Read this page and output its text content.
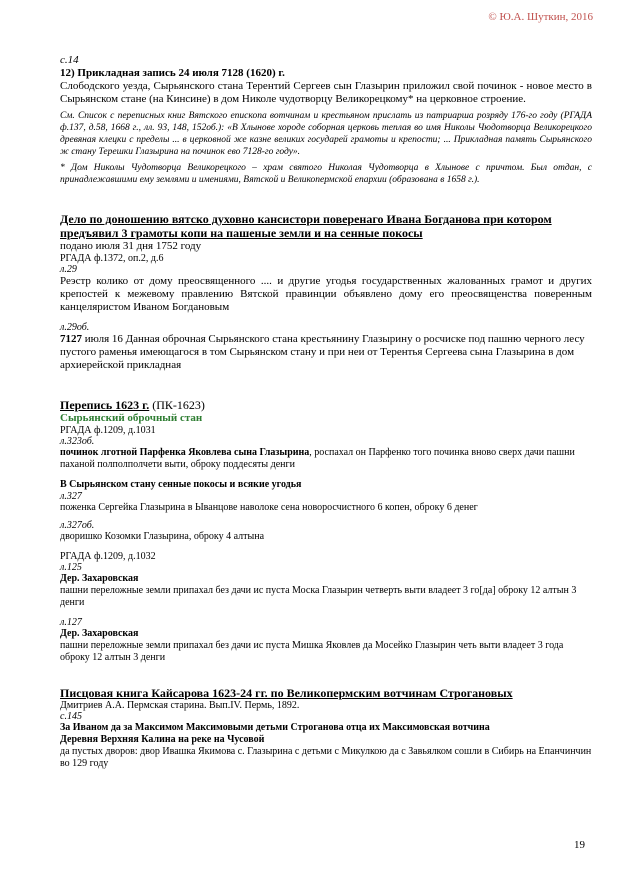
© Ю.А. Шуткин, 2016
с.14
12) Прикладная запись 24 июля 7128 (1620) г.
Слободского уезда, Сырьянского стана Терентий Сергеев сын Глазырин приложил свой починок - новое место в Сырьянском стане (на Кинсине) в дом Николе чудотворцу Великорецкому* на церковное строение.
См. Список с переписных книг Вятского епископа вотчинам и крестьяном прислать из патриарша розряду 176-го году (РГАДА ф.137, д.58, 1668 г., лл. 93, 148, 152об.): «В Хлынове хороде соборная церковь теплая во имя Николы Чюдотворца Великорецкого древяная клецки с пределы ... в церковной же казне великих государей грамоты и крепости; ... Прикладная память Сырьянского ж стану Терешки Глазырина на починок ево 7128-го году».
* Дом Николы Чудотворца Великорецкого – храм святого Николая Чудотворца в Хлынове с причтом. Был отдан, с принадлежавшими ему землями и имениями, Вятской и Великопермской епархии (образована в 1658 г.).
Дело по доношению вятско духовно кансистори поверенаго Ивана Богданова при котором предъявил 3 грамоты копи на пашеные земли и на сенные покосы
подано июля 31 дня 1752 году
РГАДА ф.1372, оп.2, д.6
л.29
Реэстр колико от дому преосвященного .... и другие угодья государственных жалованных грамот и других крепостей к межевому правлению Вятской правинции объявлено дому его преосвященства поверенным канцеляристом Иваном Богдановым
л.29об.
7127 июля 16 Данная оброчная Сырьянского стана крестьянину Глазырину о росчиске под пашню черного лесу пустого раменья имеющагося в том Сырьянском стану и при неи от Терентья Сергеева сына Глазырина в дом архиерейской прикладная
Перепись 1623 г. (ПК-1623)
Сырьянский оброчный стан
РГАДА ф.1209, д.1031
л.323об.
починок лготной Парфенка Яковлева сына Глазырина, роспахал он Парфенко того починка вново сверх дачи пашни паханой полполполчети выти, оброку поддесяты денги
В Сырьянском стану сенные покосы и всякие угодья
л.327
поженка Сергейка Глазырина в Ыванцове наволоке сена новоросчистного 6 копен, оброку 6 денег
л.327об.
дворишко Козомки Глазырина, оброку 4 алтына
РГАДА ф.1209, д.1032
л.125
Дер. Захаровская
пашни переложные земли припахал без дачи ис пуста Моска Глазырин четверть выти владеет 3 го[да] оброку 12 алтын 3 денги
л.127
Дер. Захаровская
пашни переложные земли припахал без дачи ис пуста Мишка Яковлев да Мосейко Глазырин четь выти владеет 3 года оброку 12 алтын 3 денги
Писцовая книга Кайсарова 1623-24 гг. по Великопермским вотчинам Строгановых
Дмитриев А.А. Пермская старина. Вып.IV. Пермь, 1892.
с.145
За Иваном да за Максимом Максимовыми детьми Строганова отца их Максимовская вотчина
Деревня Верхняя Калина на реке на Чусовой
да пустых дворов: двор Ивашка Якимова с. Глазырина с детьми с Микулкою да с Завьялком сошли в Сибирь на Епанчинчин во 129 году
19
